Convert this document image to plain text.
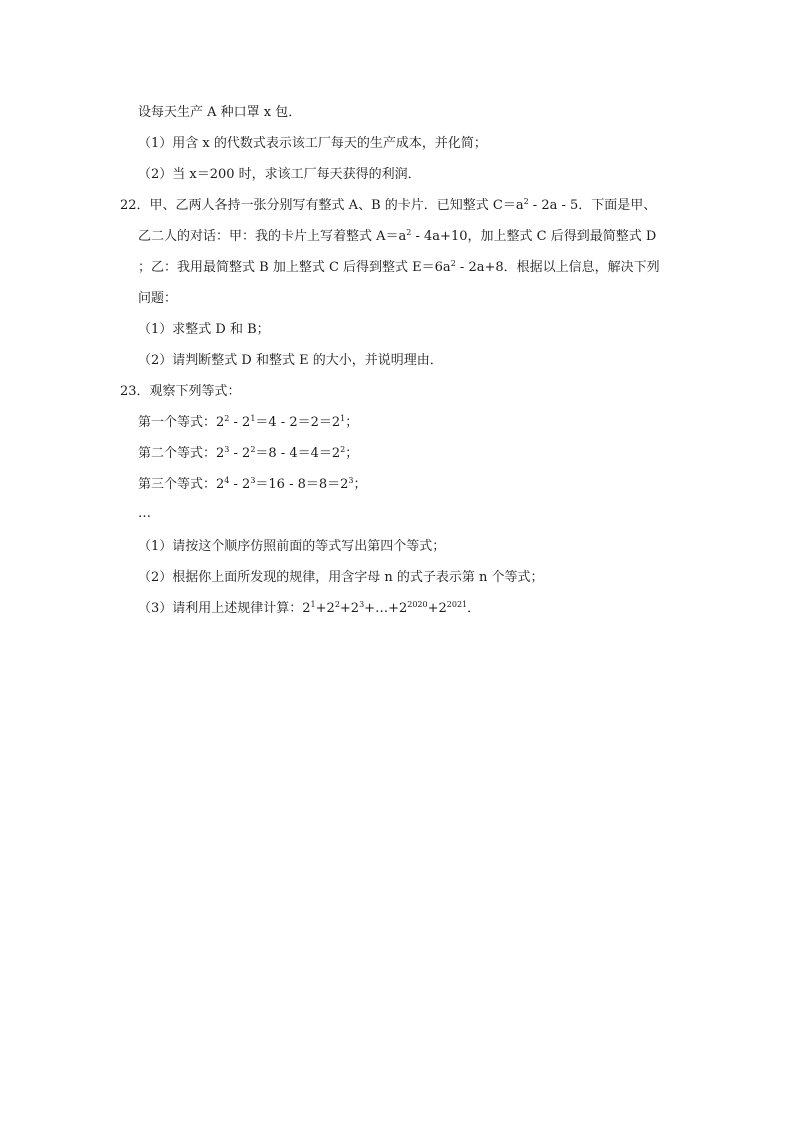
设每天生产 A 种口罩 x 包．
（1）用含 x 的代数式表示该工厂每天的生产成本，并化简；
（2）当 x＝200 时，求该工厂每天获得的利润．
22．甲、乙两人各持一张分别写有整式 A、B 的卡片．已知整式 $C=a^2 - 2a - 5$．下面是甲、
乙二人的对话：甲：我的卡片上写着整式 $A=a^2 - 4a+10$，加上整式 C 后得到最简整式 D
；乙：我用最简整式 B 加上整式 C 后得到整式 $E=6a^2 - 2a+8$．根据以上信息，解决下列
问题：
（1）求整式 D 和 B；
（2）请判断整式 D 和整式 E 的大小，并说明理由．
23．观察下列等式：
第一个等式：$2^2 - 2^1=4 - 2=2=2^1$；
第二个等式：$2^3 - 2^2=8 - 4=4=2^2$；
第三个等式：$2^4 - 2^3=16 - 8=8=2^3$；
…
（1）请按这个顺序仿照前面的等式写出第四个等式；
（2）根据你上面所发现的规律，用含字母 n 的式子表示第 n 个等式；
（3）请利用上述规律计算：$2^1+2^2+2^3+\dots+2^{2020}+2^{2021}$．
